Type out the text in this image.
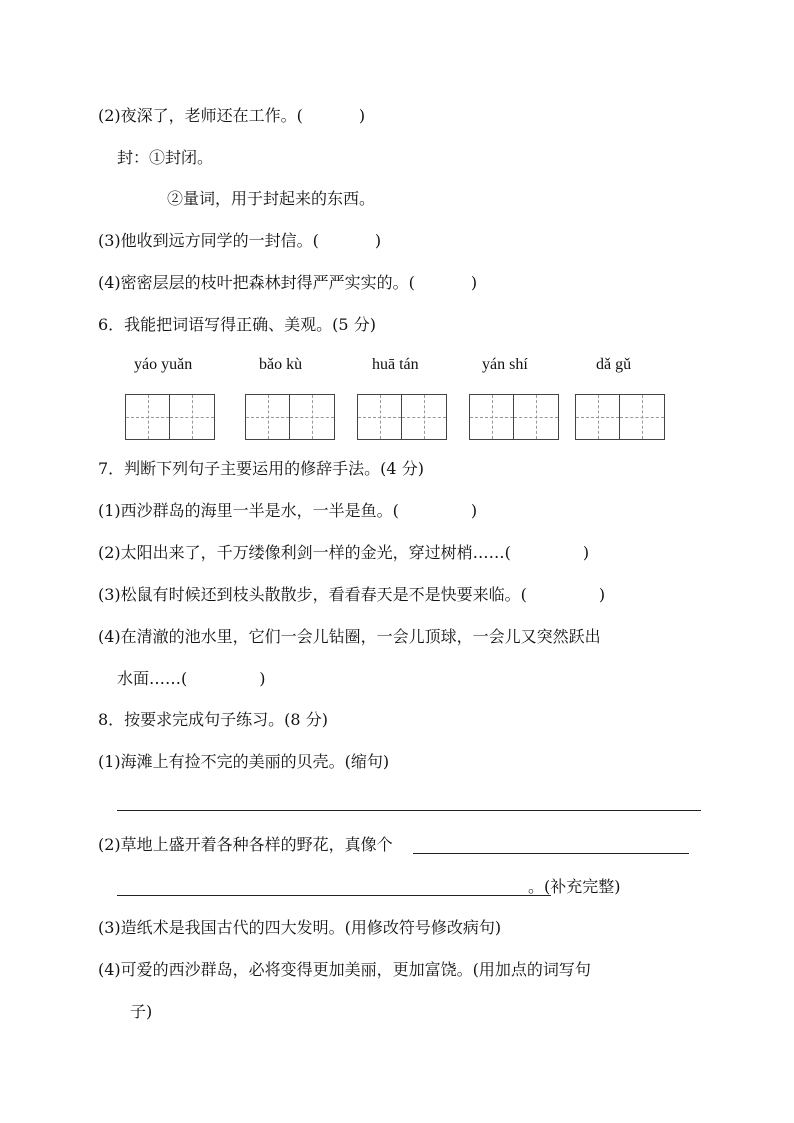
(2)夜深了，老师还在工作。(	)
封：①封闭。
②量词，用于封起来的东西。
(3)他收到远方同学的一封信。(	)
(4)密密层层的枝叶把森林封得严严实实的。(	)
6．我能把词语写得正确、美观。(5 分)
yáo yuǎn	bǎo kù	huā tán	yán shí	dǎ gǔ
7．判断下列句子主要运用的修辞手法。(4 分)
(1)西沙群岛的海里一半是水，一半是鱼。(	)
(2)太阳出来了，千万缕像利剑一样的金光，穿过树梢……(	)
(3)松鼠有时候还到枝头散散步，看看春天是不是快要来临。(	)
(4)在清澈的池水里，它们一会儿钻圈，一会儿顶球，一会儿又突然跃出
水面……(	)
8．按要求完成句子练习。(8 分)
(1)海滩上有捡不完的美丽的贝壳。(缩句)
(2)草地上盛开着各种各样的野花，真像个
。(补充完整)
(3)造纸术是我国古代的四大发明。(用修改符号修改病句)
(4)可爱的西沙群岛，必将变得更加美丽，更加富饶。(用加点的词写句
子)
